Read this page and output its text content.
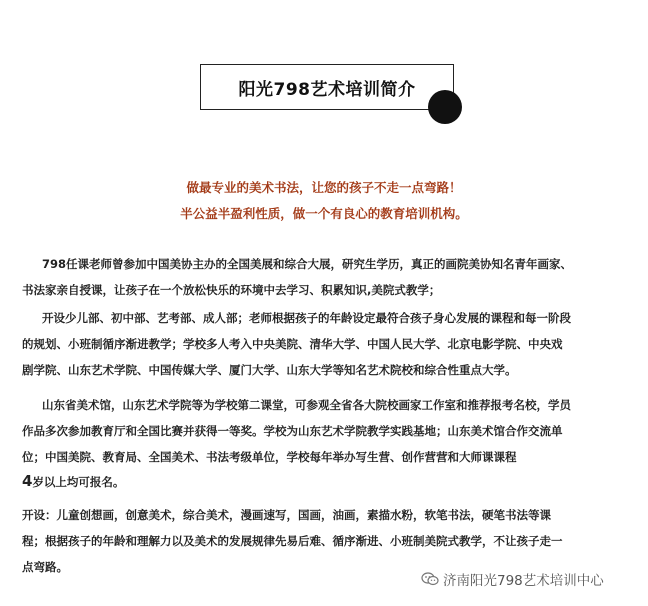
阳光798艺术培训简介
做最专业的美术书法，让您的孩子不走一点弯路！
半公益半盈利性质，做一个有良心的教育培训机构。
798任课老师曾参加中国美协主办的全国美展和综合大展，研究生学历，真正的画院美协知名青年画家、
书法家亲自授课，让孩子在一个放松快乐的环境中去学习、积累知识,美院式教学；
开设少儿部、初中部、艺考部、成人部；老师根据孩子的年龄设定最符合孩子身心发展的课程和每一阶段
的规划、小班制循序渐进教学；学校多人考入中央美院、清华大学、中国人民大学、北京电影学院、中央戏
剧学院、山东艺术学院、中国传媒大学、厦门大学、山东大学等知名艺术院校和综合性重点大学。
山东省美术馆，山东艺术学院等为学校第二课堂，可参观全省各大院校画家工作室和推荐报考名校，学员
作品多次参加教育厅和全国比赛并获得一等奖。学校为山东艺术学院教学实践基地；山东美术馆合作交流单
位；中国美院、教育局、全国美术、书法考级单位，学校每年举办写生营、创作营营和大师课课程
4岁以上均可报名。
开设：儿童创想画，创意美术，综合美术，漫画速写，国画，油画，素描水粉，软笔书法，硬笔书法等课
程；根据孩子的年龄和理解力以及美术的发展规律先易后难、循序渐进、小班制美院式教学，不让孩子走一
点弯路。
济南阳光798艺术培训中心
